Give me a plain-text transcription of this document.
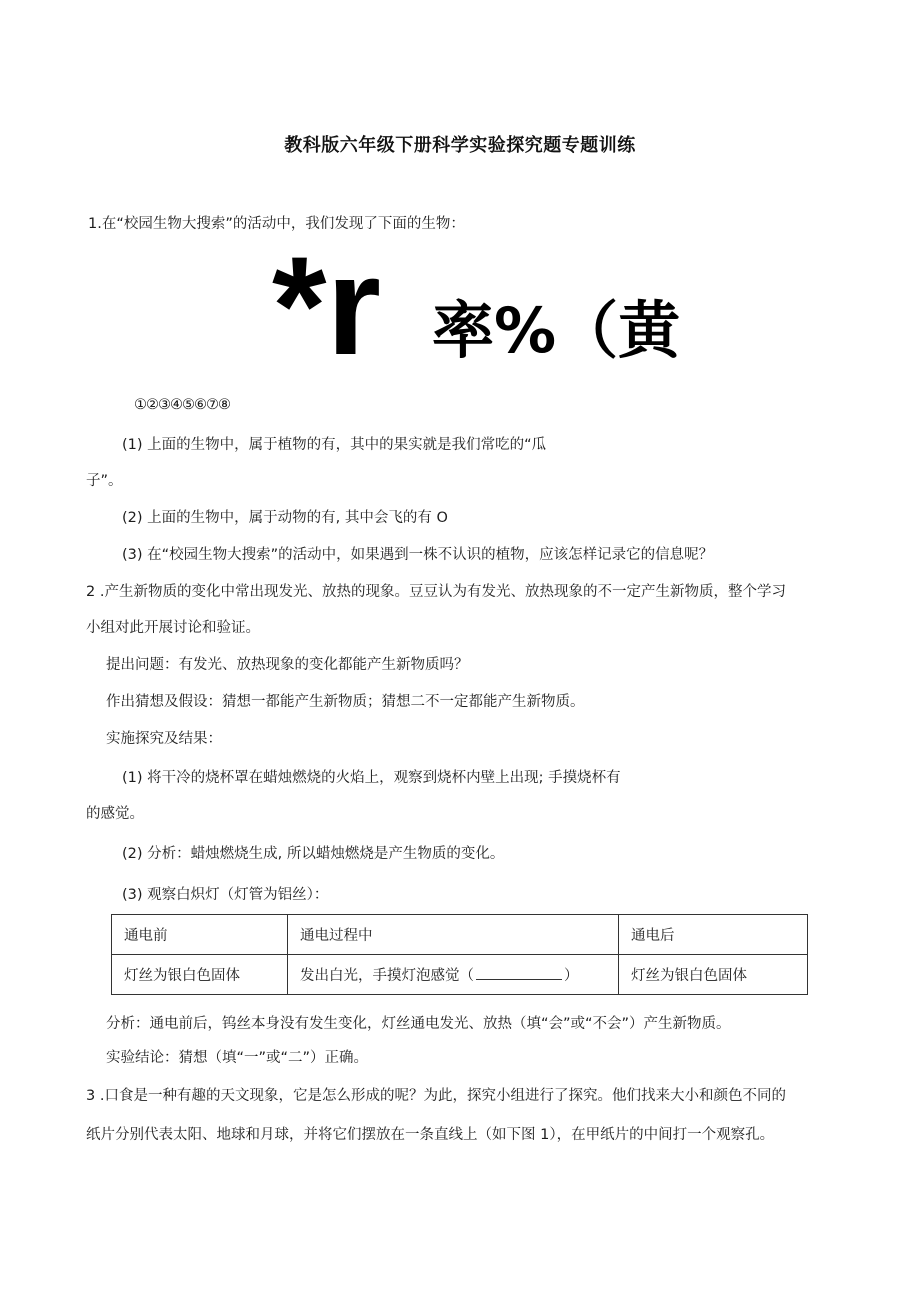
教科版六年级下册科学实验探究题专题训练
1.在“校园生物大搜索”的活动中，我们发现了下面的生物：
*r 率%（黄
①②③④⑤⑥⑦⑧
(1) 上面的生物中，属于植物的有，其中的果实就是我们常吃的“瓜
子”。
(2) 上面的生物中，属于动物的有, 其中会飞的有 O
(3) 在“校园生物大搜索”的活动中，如果遇到一株不认识的植物，应该怎样记录它的信息呢？
2 .产生新物质的变化中常出现发光、放热的现象。豆豆认为有发光、放热现象的不一定产生新物质，整个学习
小组对此开展讨论和验证。
提出问题：有发光、放热现象的变化都能产生新物质吗？
作出猜想及假设：猜想一都能产生新物质；猜想二不一定都能产生新物质。
实施探究及结果：
(1) 将干冷的烧杯罩在蜡烛燃烧的火焰上，观察到烧杯内壁上出现; 手摸烧杯有
的感觉。
(2) 分析：蜡烛燃烧生成, 所以蜡烛燃烧是产生物质的变化。
(3) 观察白炽灯（灯管为铝丝）：
通电前	通电过程中	通电后
灯丝为银白色固体	发出白光，手摸灯泡感觉（ ）	灯丝为银白色固体
分析：通电前后，钨丝本身没有发生变化，灯丝通电发光、放热（填“会”或“不会”）产生新物质。
实验结论：猜想（填“一”或“二”）正确。
3 .口食是一种有趣的天文现象，它是怎么形成的呢？为此，探究小组进行了探究。他们找来大小和颜色不同的
纸片分别代表太阳、地球和月球，并将它们摆放在一条直线上（如下图 1），在甲纸片的中间打一个观察孔。
